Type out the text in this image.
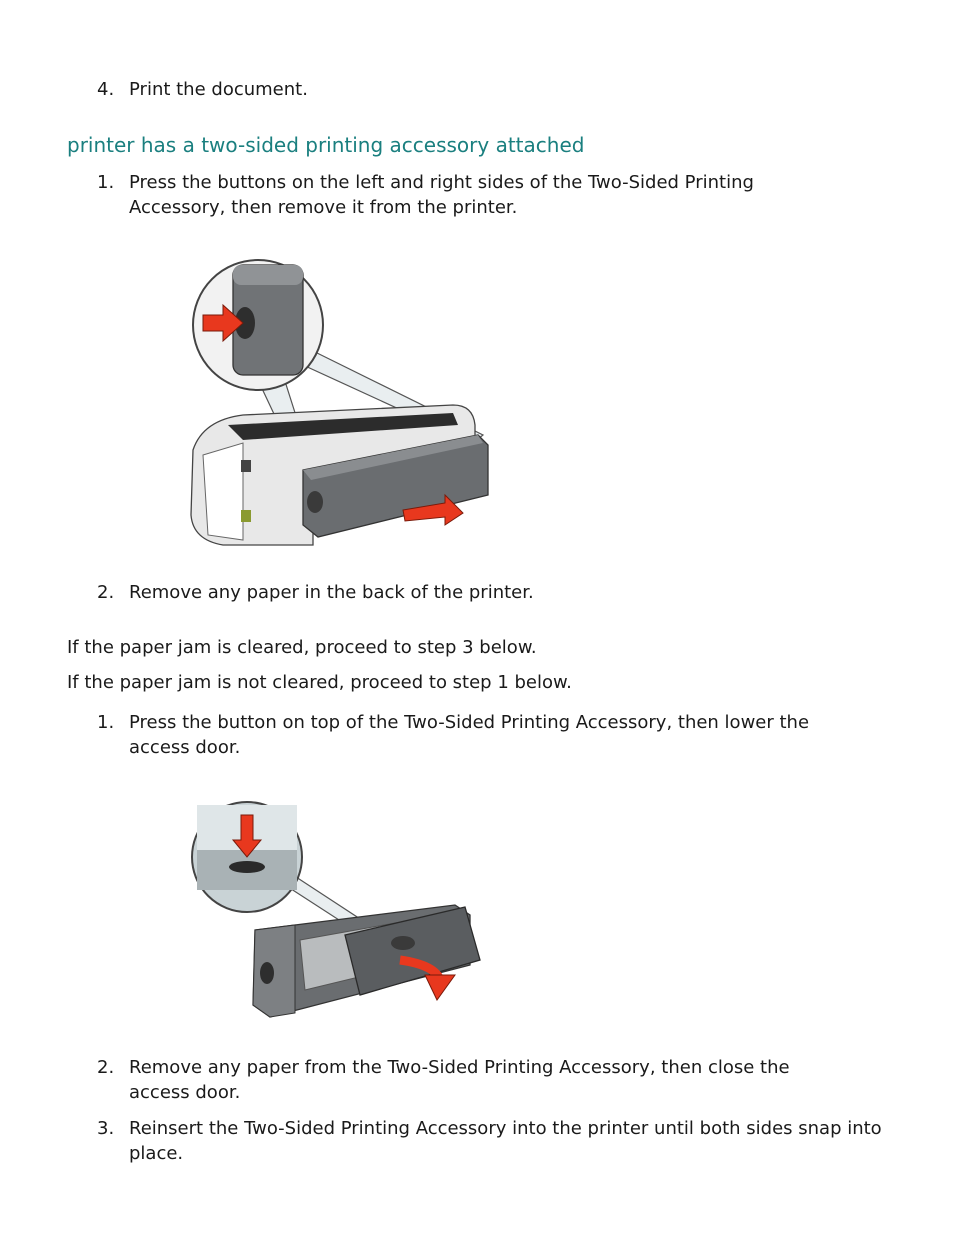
4. Print the document.
printer has a two-sided printing accessory attached
1. Press the buttons on the left and right sides of the Two-Sided Printing Accessory, then remove it from the printer.
2. Remove any paper in the back of the printer.
If the paper jam is cleared, proceed to step 3 below.
If the paper jam is not cleared, proceed to step 1 below.
1. Press the button on top of the Two-Sided Printing Accessory, then lower the access door.
2. Remove any paper from the Two-Sided Printing Accessory, then close the access door.
3. Reinsert the Two-Sided Printing Accessory into the printer until both sides snap into place.
